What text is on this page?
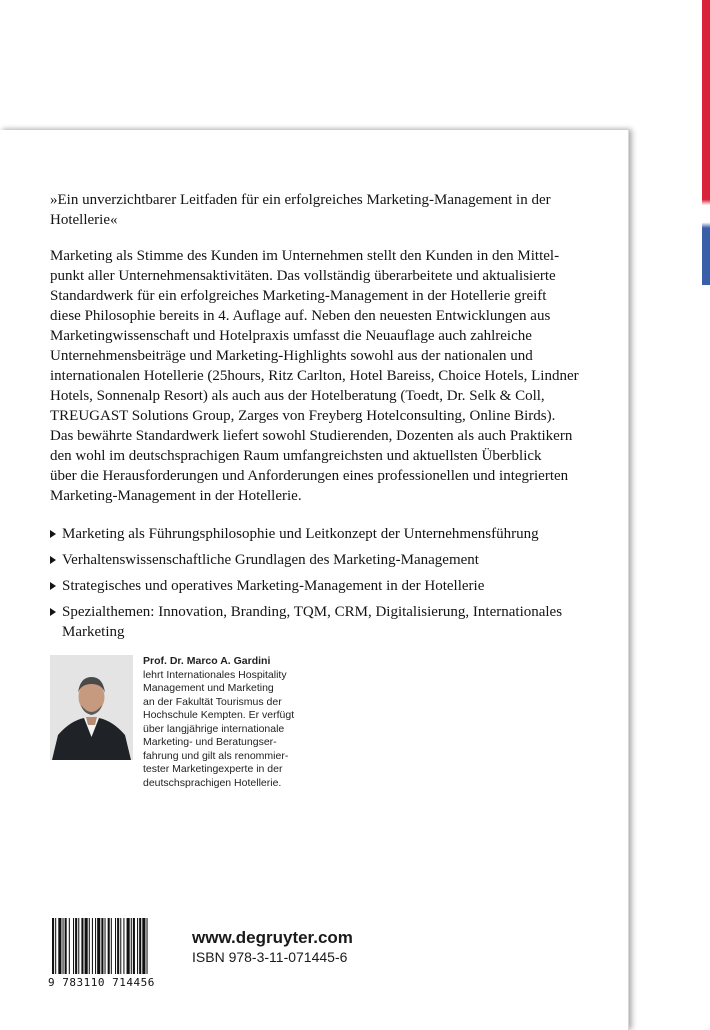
»Ein unverzichtbarer Leitfaden für ein erfolgreiches Marketing-Management in der
Hotellerie«

Marketing als Stimme des Kunden im Unternehmen stellt den Kunden in den Mittel-
punkt aller Unternehmensaktivitäten. Das vollständig überarbeitete und aktualisierte
Standardwerk für ein erfolgreiches Marketing-Management in der Hotellerie greift
diese Philosophie bereits in 4. Auflage auf. Neben den neuesten Entwicklungen aus
Marketingwissenschaft und Hotelpraxis umfasst die Neuauflage auch zahlreiche
Unternehmensbeiträge und Marketing-Highlights sowohl aus der nationalen und
internationalen Hotellerie (25hours, Ritz Carlton, Hotel Bareiss, Choice Hotels, Lindner
Hotels, Sonnenalp Resort) als auch aus der Hotelberatung (Toedt, Dr. Selk & Coll,
TREUGAST Solutions Group, Zarges von Freyberg Hotelconsulting, Online Birds).
Das bewährte Standardwerk liefert sowohl Studierenden, Dozenten als auch Praktikern
den wohl im deutschsprachigen Raum umfangreichsten und aktuellsten Überblick
über die Herausforderungen und Anforderungen eines professionellen und integrierten
Marketing-Management in der Hotellerie.

Marketing als Führungsphilosophie und Leitkonzept der Unternehmensführung
Verhaltenswissenschaftliche Grundlagen des Marketing-Management
Strategisches und operatives Marketing-Management in der Hotellerie
Spezialthemen: Innovation, Branding, TQM, CRM, Digitalisierung, Internationales
Marketing
Prof. Dr. Marco A. Gardini
lehrt Internationales Hospitality
Management und Marketing
an der Fakultät Tourismus der
Hochschule Kempten. Er verfügt
über langjährige internationale
Marketing- und Beratungser-
fahrung und gilt als renommier-
tester Marketingexperte in der
deutschsprachigen Hotellerie.
9 783110 714456
www.degruyter.com
ISBN 978-3-11-071445-6
